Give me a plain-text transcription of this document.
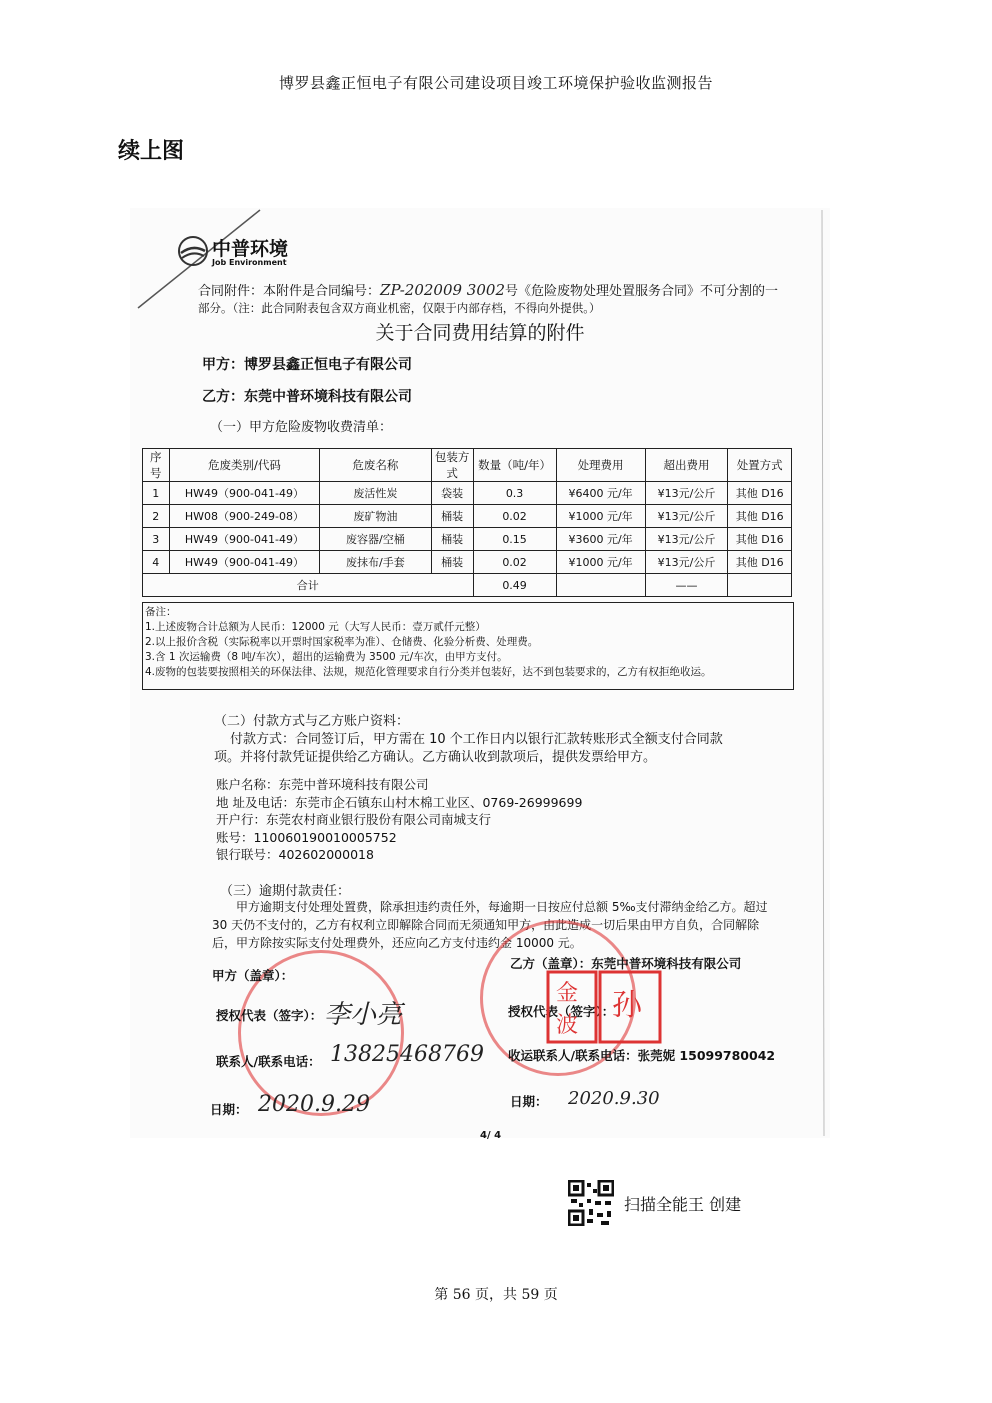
博罗县鑫正恒电子有限公司建设项目竣工环境保护验收监测报告
续上图
中普环境
Job Environment
合同附件：本附件是合同编号：ZP-202009 3002号《危险废物处理处置服务合同》不可分割的一
部分。（注：此合同附表包含双方商业机密，仅限于内部存档，不得向外提供。）
关于合同费用结算的附件
甲方：博罗县鑫正恒电子有限公司
乙方：东莞中普环境科技有限公司
（一）甲方危险废物收费清单：
序号	危废类别/代码	危废名称	包装方式	数量（吨/年）	处理费用	超出费用	处置方式
1	HW49（900-041-49）	废活性炭	袋装	0.3	¥6400 元/年	¥13元/公斤	其他 D16
2	HW08（900-249-08）	废矿物油	桶装	0.02	¥1000 元/年	¥13元/公斤	其他 D16
3	HW49（900-041-49）	废容器/空桶	桶装	0.15	¥3600 元/年	¥13元/公斤	其他 D16
4	HW49（900-041-49）	废抹布/手套	桶装	0.02	¥1000 元/年	¥13元/公斤	其他 D16
合计				0.49		——	
备注：
1.上述废物合计总额为人民币：12000 元（大写人民币：壹万贰仟元整）
2.以上报价含税（实际税率以开票时国家税率为准）、仓储费、化验分析费、处理费。
3.含 1 次运输费（8 吨/车次），超出的运输费为 3500 元/车次，由甲方支付。
4.废物的包装要按照相关的环保法律、法规，规范化管理要求自行分类并包装好，达不到包装要求的，乙方有权拒绝收运。
（二）付款方式与乙方账户资料：
付款方式：合同签订后，甲方需在 10 个工作日内以银行汇款转账形式全额支付合同款
项。并将付款凭证提供给乙方确认。乙方确认收到款项后，提供发票给甲方。
账户名称：东莞中普环境科技有限公司
地 址及电话：东莞市企石镇东山村木棉工业区、0769-26999699
开户行：东莞农村商业银行股份有限公司南城支行
账号：110060190010005752
银行联号：402602000018
（三）逾期付款责任：
甲方逾期支付处理处置费，除承担违约责任外，每逾期一日按应付总额 5‰支付滞纳金给乙方。超过
30 天仍不支付的，乙方有权利立即解除合同而无须通知甲方，由此造成一切后果由甲方自负，合同解除
后，甲方除按实际支付处理费外，还应向乙方支付违约金 10000 元。
甲方（盖章）：
授权代表（签字）： 李小亮
联系人/联系电话： 13825468769
日期： 2020.9.29
乙方（盖章）：东莞中普环境科技有限公司
授权代表（签字）：
金 孙
波
收运联系人/联系电话：张莞妮 15099780042
日期： 2020.9.30
4/ 4
扫描全能王 创建
第 56 页，共 59 页
